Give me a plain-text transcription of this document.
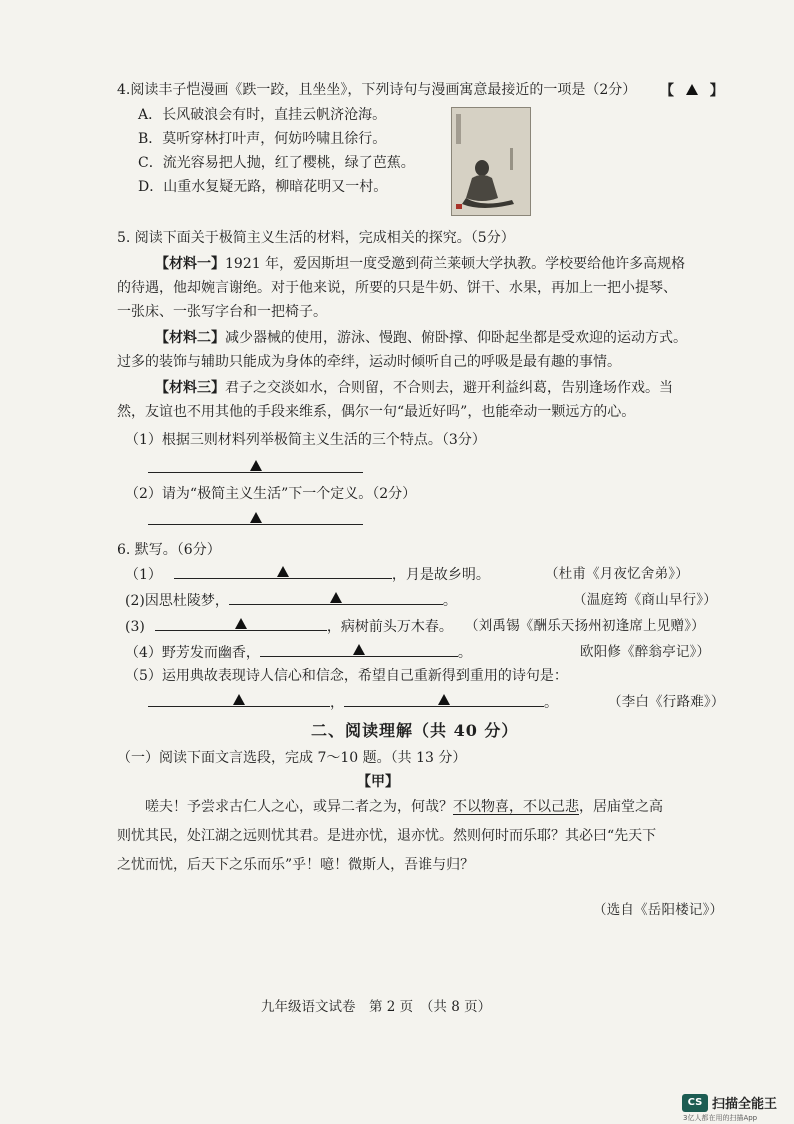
4.阅读丰子恺漫画《跌一跤，且坐坐》，下列诗句与漫画寓意最接近的一项是（2分） 【	】
A．长风破浪会有时，直挂云帆济沧海。
B．莫听穿林打叶声，何妨吟啸且徐行。
C．流光容易把人抛，红了樱桃，绿了芭蕉。
D．山重水复疑无路，柳暗花明又一村。
5. 阅读下面关于极简主义生活的材料，完成相关的探究。（5分）
【材料一】1921 年，爱因斯坦一度受邀到荷兰莱顿大学执教。学校要给他许多高规格
的待遇，他却婉言谢绝。对于他来说，所要的只是牛奶、饼干、水果，再加上一把小提琴、
一张床、一张写字台和一把椅子。
【材料二】减少器械的使用，游泳、慢跑、俯卧撑、仰卧起坐都是受欢迎的运动方式。
过多的装饰与辅助只能成为身体的牵绊，运动时倾听自己的呼吸是最有趣的事情。
【材料三】君子之交淡如水，合则留，不合则去，避开利益纠葛，告别逢场作戏。当
然，友谊也不用其他的手段来维系，偶尔一句“最近好吗”，也能牵动一颗远方的心。
（1）根据三则材料列举极简主义生活的三个特点。（3分）
（2）请为“极简主义生活”下一个定义。（2分）
6. 默写。（6分）
（1）	，月是故乡明。	（杜甫《月夜忆舍弟》）
(2)因思杜陵梦，	。	（温庭筠《商山早行》）
(3)	，病树前头万木春。 （刘禹锡《酬乐天扬州初逢席上见赠》）
（4）野芳发而幽香，	。	欧阳修《醉翁亭记》）
（5）运用典故表现诗人信心和信念，希望自己重新得到重用的诗句是：
，	。	（李白《行路难》）
二、阅读理解（共 40 分）
（一）阅读下面文言选段，完成 7～10 题。（共 13 分）
【甲】
嗟夫！予尝求古仁人之心，或异二者之为，何哉？不以物喜，不以己悲，居庙堂之高
则忧其民，处江湖之远则忧其君。是进亦忧，退亦忧。然则何时而乐耶？其必曰“先天下
之忧而忧，后天下之乐而乐”乎！噫！微斯人，吾谁与归？
（选自《岳阳楼记》）
九年级语文试卷　第 2 页　（共 8 页）
CS 扫描全能王
3亿人都在用的扫描App
